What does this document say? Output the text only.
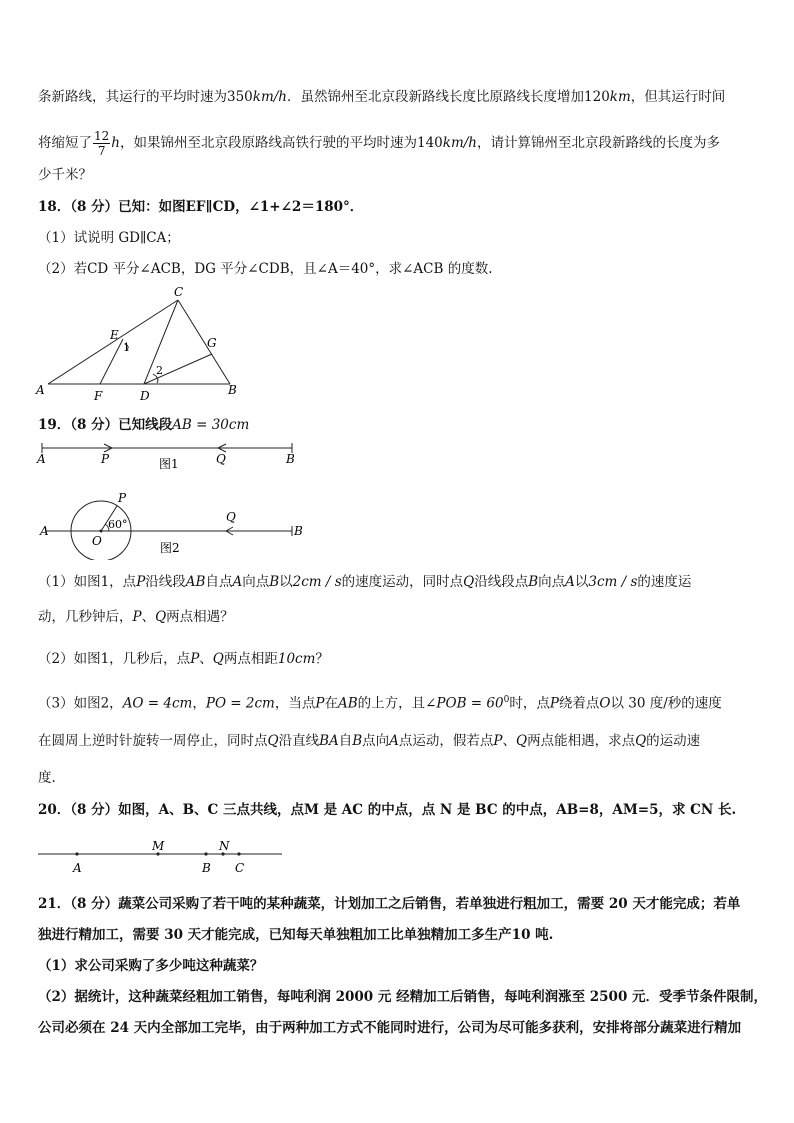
条新路线，其运行的平均时速为350km/h．虽然锦州至北京段新路线长度比原路线长度增加120km，但其运行时间
将缩短了 $\frac{12}{7}$ h，如果锦州至北京段原路线高铁行驶的平均时速为140km/h，请计算锦州至北京段新路线的长度为多
少千米？
18．（8 分）已知：如图EF∥CD，∠1+∠2＝180°．
（1）试说明 GD∥CA；
（2）若CD 平分∠ACB，DG 平分∠CDB，且∠A＝40°，求∠ACB 的度数.
C
E
1	G
2
A	F	D	B
19．（8 分）已知线段AB = 30cm
A	P	Q	B
图1
A
O
P
60°
Q
B
图2
（1）如图1，点P沿线段AB自点A向点B以2cm / s的速度运动，同时点Q沿线段点B向点A以3cm / s的速度运
动，几秒钟后，P、Q两点相遇？
（2）如图1，几秒后，点P、Q两点相距10cm？
（3）如图2，AO = 4cm，PO = 2cm，当点P在AB的上方，且∠POB = $60^0$时，点P绕着点O以 30 度/秒的速度
在圆周上逆时针旋转一周停止，同时点Q沿直线BA自B点向A点运动，假若点P、Q两点能相遇，求点Q的运动速
度.
20．（8 分）如图，A、B、C 三点共线，点M 是 AC 的中点，点 N 是 BC 的中点，AB=8，AM=5，求 CN 长.
A
M
B
N
C
21．（8 分）蔬菜公司采购了若干吨的某种蔬菜，计划加工之后销售，若单独进行粗加工，需要 20 天才能完成；若单
独进行精加工，需要 30 天才能完成，已知每天单独粗加工比单独精加工多生产10 吨.
（1）求公司采购了多少吨这种蔬菜？
（2）据统计，这种蔬菜经粗加工销售，每吨利润 2000 元 经精加工后销售，每吨利润涨至 2500 元．受季节条件限制，
公司必须在 24 天内全部加工完毕，由于两种加工方式不能同时进行，公司为尽可能多获利，安排将部分蔬菜进行精加
